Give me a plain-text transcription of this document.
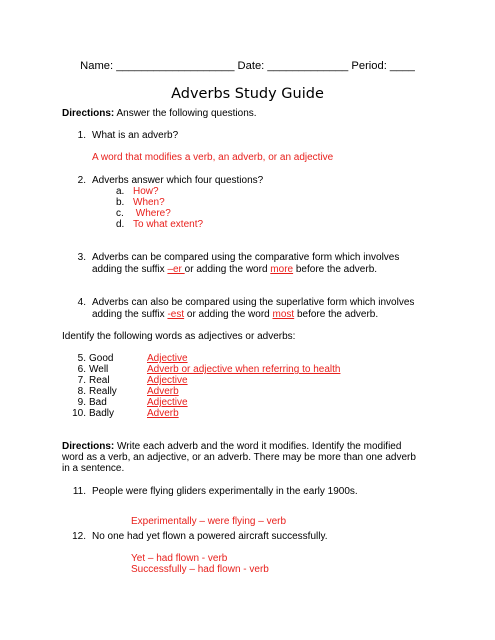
Name: ___________________ Date: _____________ Period: ____
Adverbs Study Guide
Directions: Answer the following questions.
1. What is an adverb?
A word that modifies a verb, an adverb, or an adjective
2. Adverbs answer which four questions?
a. How?
b. When?
c. Where?
d. To what extent?
3. Adverbs can be compared using the comparative form which involves
adding the suffix –er or adding the word more before the adverb.
4. Adverbs can also be compared using the superlative form which involves
adding the suffix -est or adding the word most before the adverb.
Identify the following words as adjectives or adverbs:
5. Good	Adjective
6. Well	Adverb or adjective when referring to health
7. Real	Adjective
8. Really	Adverb
9. Bad	Adjective
10. Badly	Adverb
Directions: Write each adverb and the word it modifies. Identify the modified
word as a verb, an adjective, or an adverb. There may be more than one adverb
in a sentence.
11. People were flying gliders experimentally in the early 1900s.
Experimentally – were flying – verb
12. No one had yet flown a powered aircraft successfully.
Yet – had flown - verb
Successfully – had flown - verb
